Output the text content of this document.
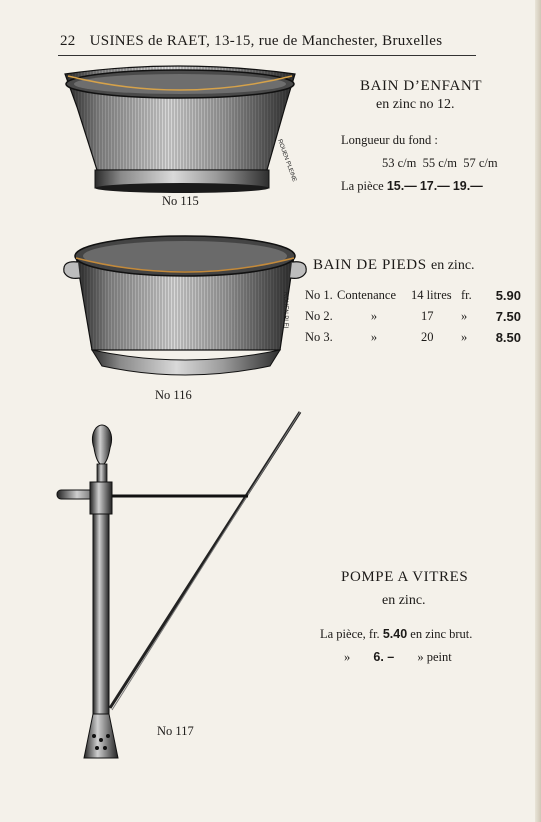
22 USINES de RAET, 13-15, rue de Manchester, Bruxelles
ROUEN PLEINE
No 115
BAIN D’ENFANT
en zinc no 12.
Longueur du fond :
53 c/m 55 c/m 57 c/m
La pièce 15.— 17.— 19.—
ROUEN PLEI
No 116
BAIN DE PIEDS en zinc.
No 1.	Contenance	14 litres	fr.	5.90
No 2.	»	17	»	7.50
No 3.	»	20	»	8.50
No 117
POMPE A VITRES
en zinc.
La pièce, fr. 5.40 en zinc brut.
» 6. – » peint
